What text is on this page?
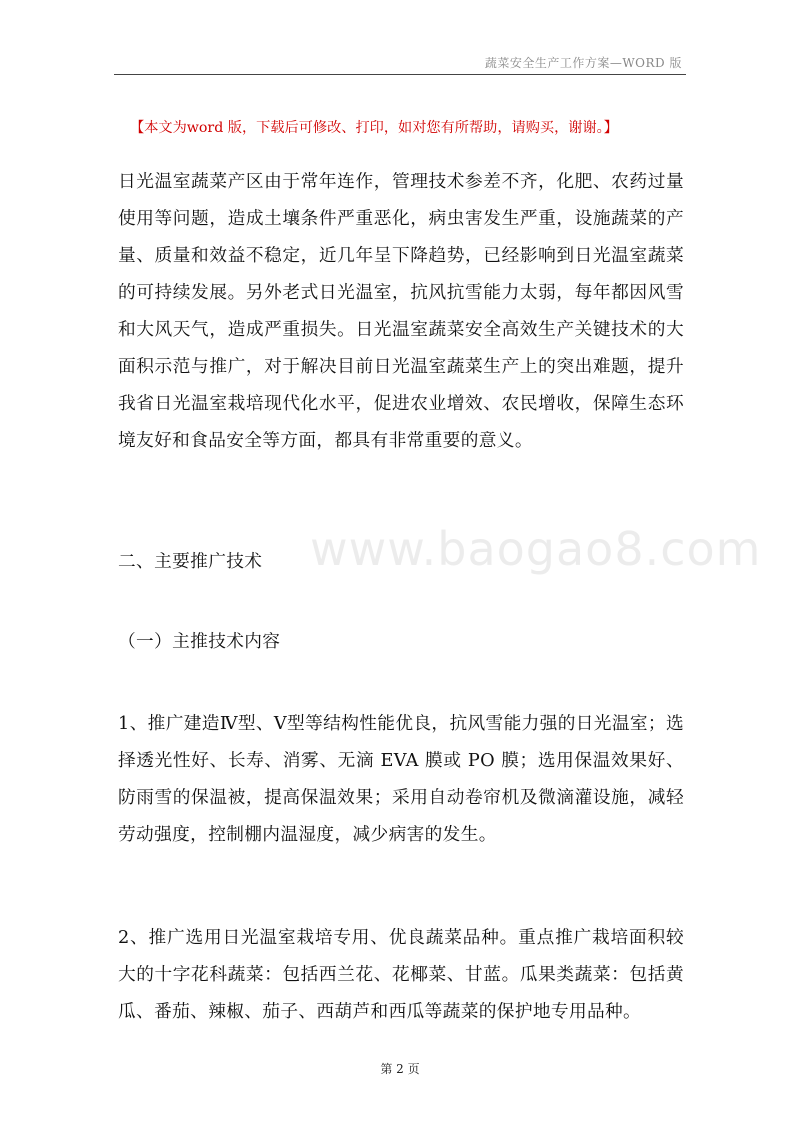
蔬菜安全生产工作方案—WORD 版
【本文为word 版，下载后可修改、打印，如对您有所帮助，请购买，谢谢。】

日光温室蔬菜产区由于常年连作，管理技术参差不齐，化肥、农药过量使用等问题，造成土壤条件严重恶化，病虫害发生严重，设施蔬菜的产量、质量和效益不稳定，近几年呈下降趋势，已经影响到日光温室蔬菜的可持续发展。另外老式日光温室，抗风抗雪能力太弱，每年都因风雪和大风天气，造成严重损失。日光温室蔬菜安全高效生产关键技术的大面积示范与推广，对于解决目前日光温室蔬菜生产上的突出难题，提升我省日光温室栽培现代化水平，促进农业增效、农民增收，保障生态环境友好和食品安全等方面，都具有非常重要的意义。

www.baogao8.com

二、主要推广技术

（一）主推技术内容

1、推广建造Ⅳ型、Ⅴ型等结构性能优良，抗风雪能力强的日光温室；选择透光性好、长寿、消雾、无滴 EVA 膜或 PO 膜；选用保温效果好、防雨雪的保温被，提高保温效果；采用自动卷帘机及微滴灌设施，减轻劳动强度，控制棚内温湿度，减少病害的发生。

2、推广选用日光温室栽培专用、优良蔬菜品种。重点推广栽培面积较大的十字花科蔬菜：包括西兰花、花椰菜、甘蓝。瓜果类蔬菜：包括黄瓜、番茄、辣椒、茄子、西葫芦和西瓜等蔬菜的保护地专用品种。

第 2 页
